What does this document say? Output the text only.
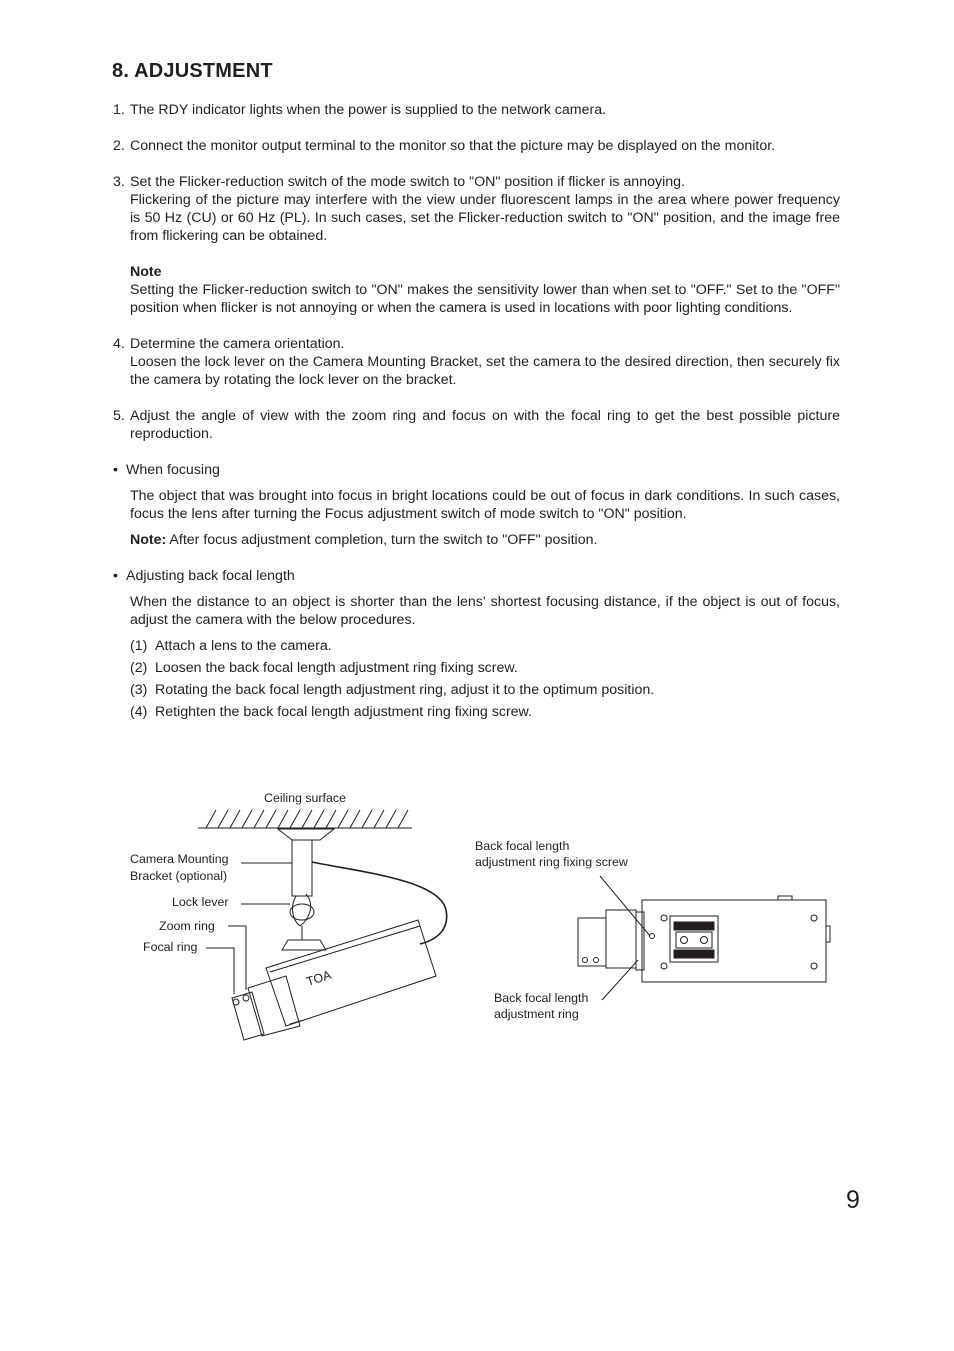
8. ADJUSTMENT
1. The RDY indicator lights when the power is supplied to the network camera.

2. Connect the monitor output terminal to the monitor so that the picture may be displayed on the monitor.

3. Set the Flicker-reduction switch of the mode switch to "ON" position if flicker is annoying.

Flickering of the picture may interfere with the view under fluorescent lamps in the area where power frequency is 50 Hz (CU) or 60 Hz (PL). In such cases, set the Flicker-reduction switch to "ON" position, and the image free from flickering can be obtained.

Note

Setting the Flicker-reduction switch to "ON" makes the sensitivity lower than when set to "OFF." Set to the "OFF" position when flicker is not annoying or when the camera is used in locations with poor lighting conditions.

4. Determine the camera orientation.

Loosen the lock lever on the Camera Mounting Bracket, set the camera to the desired direction, then securely fix the camera by rotating the lock lever on the bracket.

5. Adjust the angle of view with the zoom ring and focus on with the focal ring to get the best possible picture reproduction.

• When focusing

The object that was brought into focus in bright locations could be out of focus in dark conditions. In such cases, focus the lens after turning the Focus adjustment switch of mode switch to "ON" position.

Note: After focus adjustment completion, turn the switch to "OFF" position.

• Adjusting back focal length

When the distance to an object is shorter than the lens' shortest focusing distance, if the object is out of focus, adjust the camera with the below procedures.

(1) Attach a lens to the camera.
(2) Loosen the back focal length adjustment ring fixing screw.
(3) Rotating the back focal length adjustment ring, adjust it to the optimum position.
(4) Retighten the back focal length adjustment ring fixing screw.
Ceiling surface
TOA
Camera Mounting
Bracket (optional)
Lock lever
Zoom ring
Focal ring
Back focal length
adjustment ring fixing screw
Back focal length
adjustment ring
9
